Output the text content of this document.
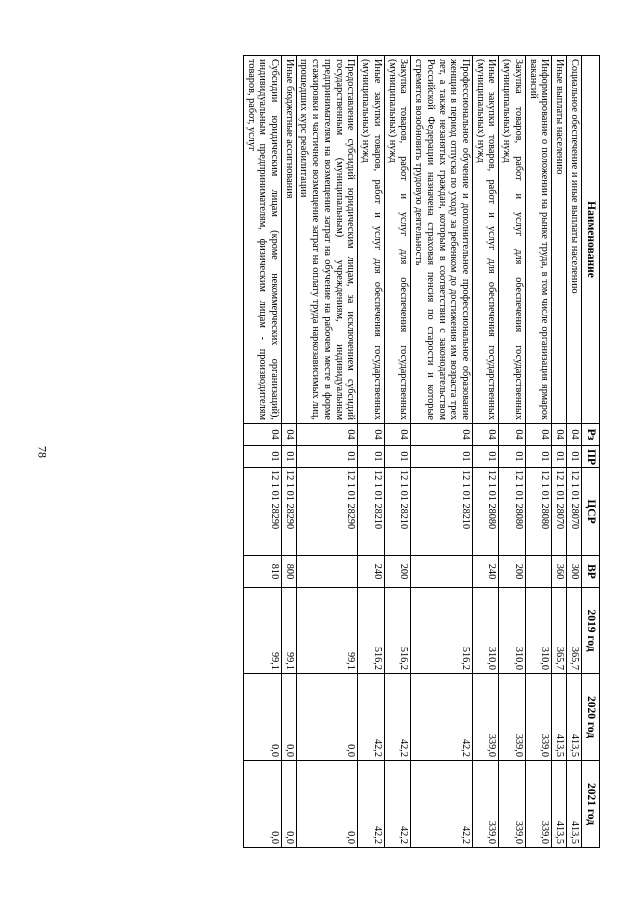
78
Наименование	Рз	ПР	ЦСР	ВР	2019 год	2020 год	2021 год
Социальное обеспечение и иные выплаты населению	04	01	12 1 01 28070	300	365,7	413,5	413,5
Иные выплаты населению	04	01	12 1 01 28070	360	365,7	413,5	413,5
Информирование о положении на рынке труда, в том числе организация ярмарок вакансий	04	01	12 1 01 28080		310,0	339,0	339,0
Закупка товаров, работ и услуг для обеспечения государственных (муниципальных) нужд	04	01	12 1 01 28080	200	310,0	339,0	339,0
Иные закупки товаров, работ и услуг для обеспечения государственных (муниципальных) нужд	04	01	12 1 01 28080	240	310,0	339,0	339,0
Профессиональное обучение и дополнительное профессиональное образование женщин в период отпуска по уходу за ребенком до достижения им возраста трех лет, а также незанятых граждан, которым в соответствии с законодательством Российской Федерации назначена страховая пенсия по старости и которые стремятся возобновить трудовую деятельность	04	01	12 1 01 28210		516,2	42,2	42,2
Закупка товаров, работ и услуг для обеспечения государственных (муниципальных) нужд	04	01	12 1 01 28210	200	516,2	42,2	42,2
Иные закупки товаров, работ и услуг для обеспечения государственных (муниципальных) нужд	04	01	12 1 01 28210	240	516,2	42,2	42,2
Предоставление субсидий юридическим лицам, за исключением субсидий государственным (муниципальным) учреждениям, индивидуальным предпринимателям на возмещение затрат на обучение на рабочем месте в форме стажировки и частичное возмещение затрат на оплату труда наркозависимых лиц, прошедших курс реабилитации	04	01	12 1 01 28290		99,1	0,0	0,0
Иные бюджетные ассигнования	04	01	12 1 01 28290	800	99,1	0,0	0,0
Субсидии юридическим лицам (кроме некоммерческих организаций), индивидуальным предпринимателям, физическим лицам - производителям товаров, работ, услуг	04	01	12 1 01 28290	810	99,1	0,0	0,0
